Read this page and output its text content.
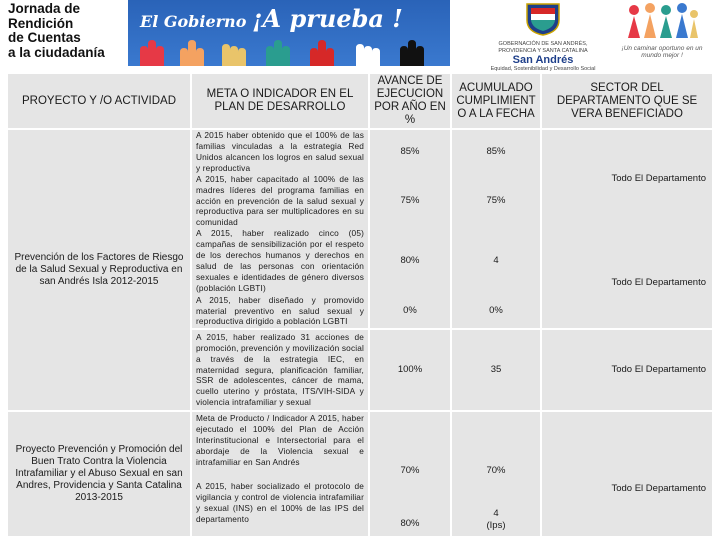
Jornada de
Rendición
de Cuentas
a la ciudadanía
El Gobierno ¡A prueba !
GOBERNACIÓN DE SAN ANDRÉS, PROVIDENCIA Y SANTA CATALINA
San Andrés
Equidad, Sostenibilidad y Desarrollo Social
¡Un caminar oportuno en un mundo mejor !
PROYECTO Y /O ACTIVIDAD
META O INDICADOR EN EL PLAN DE DESARROLLO
AVANCE DE EJECUCION POR AÑO EN %
ACUMULADO CUMPLIMIENT O A LA FECHA
SECTOR DEL DEPARTAMENTO QUE SE VERA BENEFICIADO
Prevención de los Factores de Riesgo de la Salud Sexual y Reproductiva en san Andrés Isla 2012-2015
Proyecto Prevención y Promoción del Buen Trato Contra la Violencia Intrafamiliar y el Abuso Sexual en san Andres, Providencia y Santa Catalina 2013-2015
A 2015 haber obtenido que el 100% de las familias vinculadas a la estrategia Red Unidos alcancen los logros en salud sexual y reproductiva
A 2015, haber capacitado al 100% de las madres líderes del programa familias en acción en prevención de la salud sexual y reproductiva para ser multiplicadores en su comunidad
A 2015, haber realizado cinco (05) campañas de sensibilización por el respeto de los derechos humanos y derechos en salud de las personas con orientación sexuales e identidades de género diversos (población LGBTI)
A 2015, haber diseñado y promovido material preventivo en salud sexual y reproductiva dirigido a población LGBTI
A 2015, haber realizado 31 acciones de promoción, prevención y movilización social a través de la estrategia IEC, en maternidad segura, planificación familiar, SSR de adolescentes, cáncer de mama, cuello uterino y próstata, ITS/VIH-SIDA y violencia intrafamiliar y sexual
Meta de Producto / Indicador A 2015, haber ejecutado el 100% del Plan de Acción Interinstitucional e Intersectorial para el abordaje de la Violencia sexual e intrafamiliar en San Andrés
A 2015, haber socializado el protocolo de vigilancia y control de violencia intrafamiliar y sexual (INS) en el 100% de las IPS del departamento
85%
75%
80%
0%
100%
70%
80%
85%
75%
4
0%
35
70%
4
(Ips)
Todo El Departamento
Todo El Departamento
Todo El Departamento
Todo El Departamento
